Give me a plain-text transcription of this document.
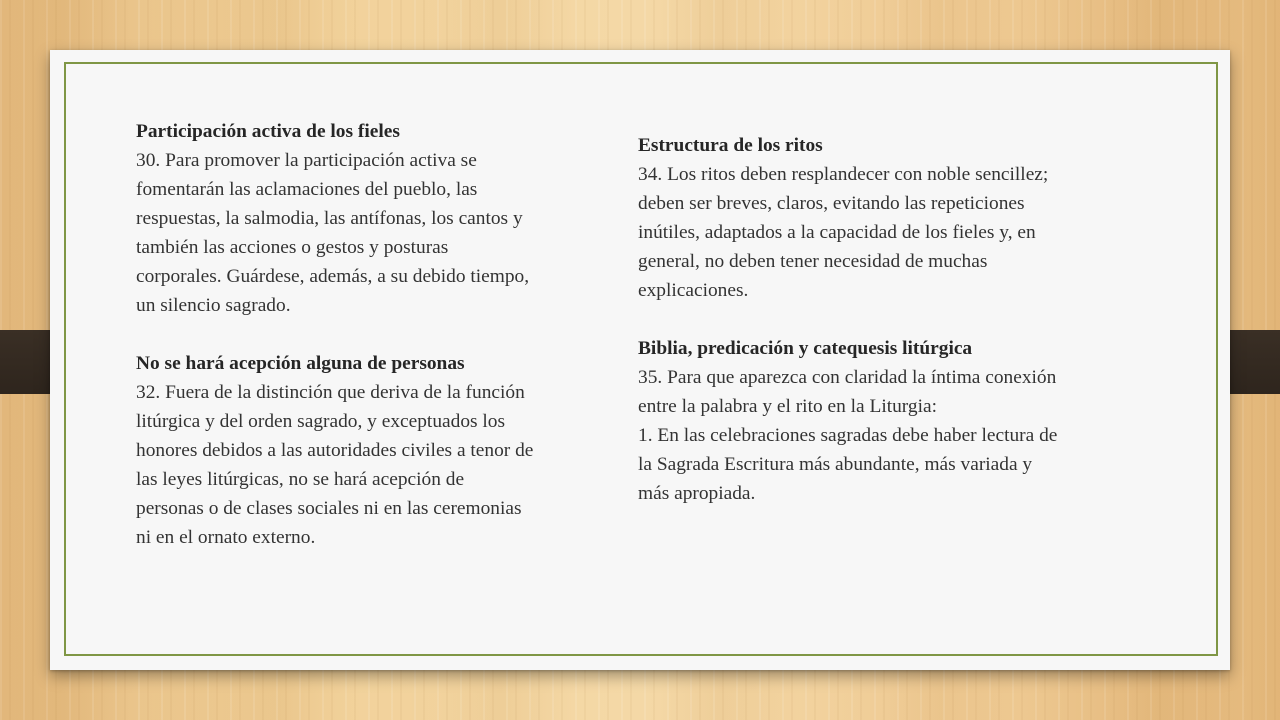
Participación activa de los fieles
30. Para promover la participación activa se fomentarán las aclamaciones del pueblo, las respuestas, la salmodia, las antífonas, los cantos y también las acciones o gestos y posturas corporales. Guárdese, además, a su debido tiempo, un silencio sagrado.
No se hará acepción alguna de personas
32. Fuera de la distinción que deriva de la función litúrgica y del orden sagrado, y exceptuados los honores debidos a las autoridades civiles a tenor de las leyes litúrgicas, no se hará acepción de personas o de clases sociales ni en las ceremonias ni en el ornato externo.
Estructura de los ritos
34. Los ritos deben resplandecer con noble sencillez; deben ser breves, claros, evitando las repeticiones inútiles, adaptados a la capacidad de los fieles y, en general, no deben tener necesidad de muchas explicaciones.
Biblia, predicación y catequesis litúrgica
35. Para que aparezca con claridad la íntima conexión entre la palabra y el rito en la Liturgia:
1. En las celebraciones sagradas debe haber lectura de la Sagrada Escritura más abundante, más variada y más apropiada.
